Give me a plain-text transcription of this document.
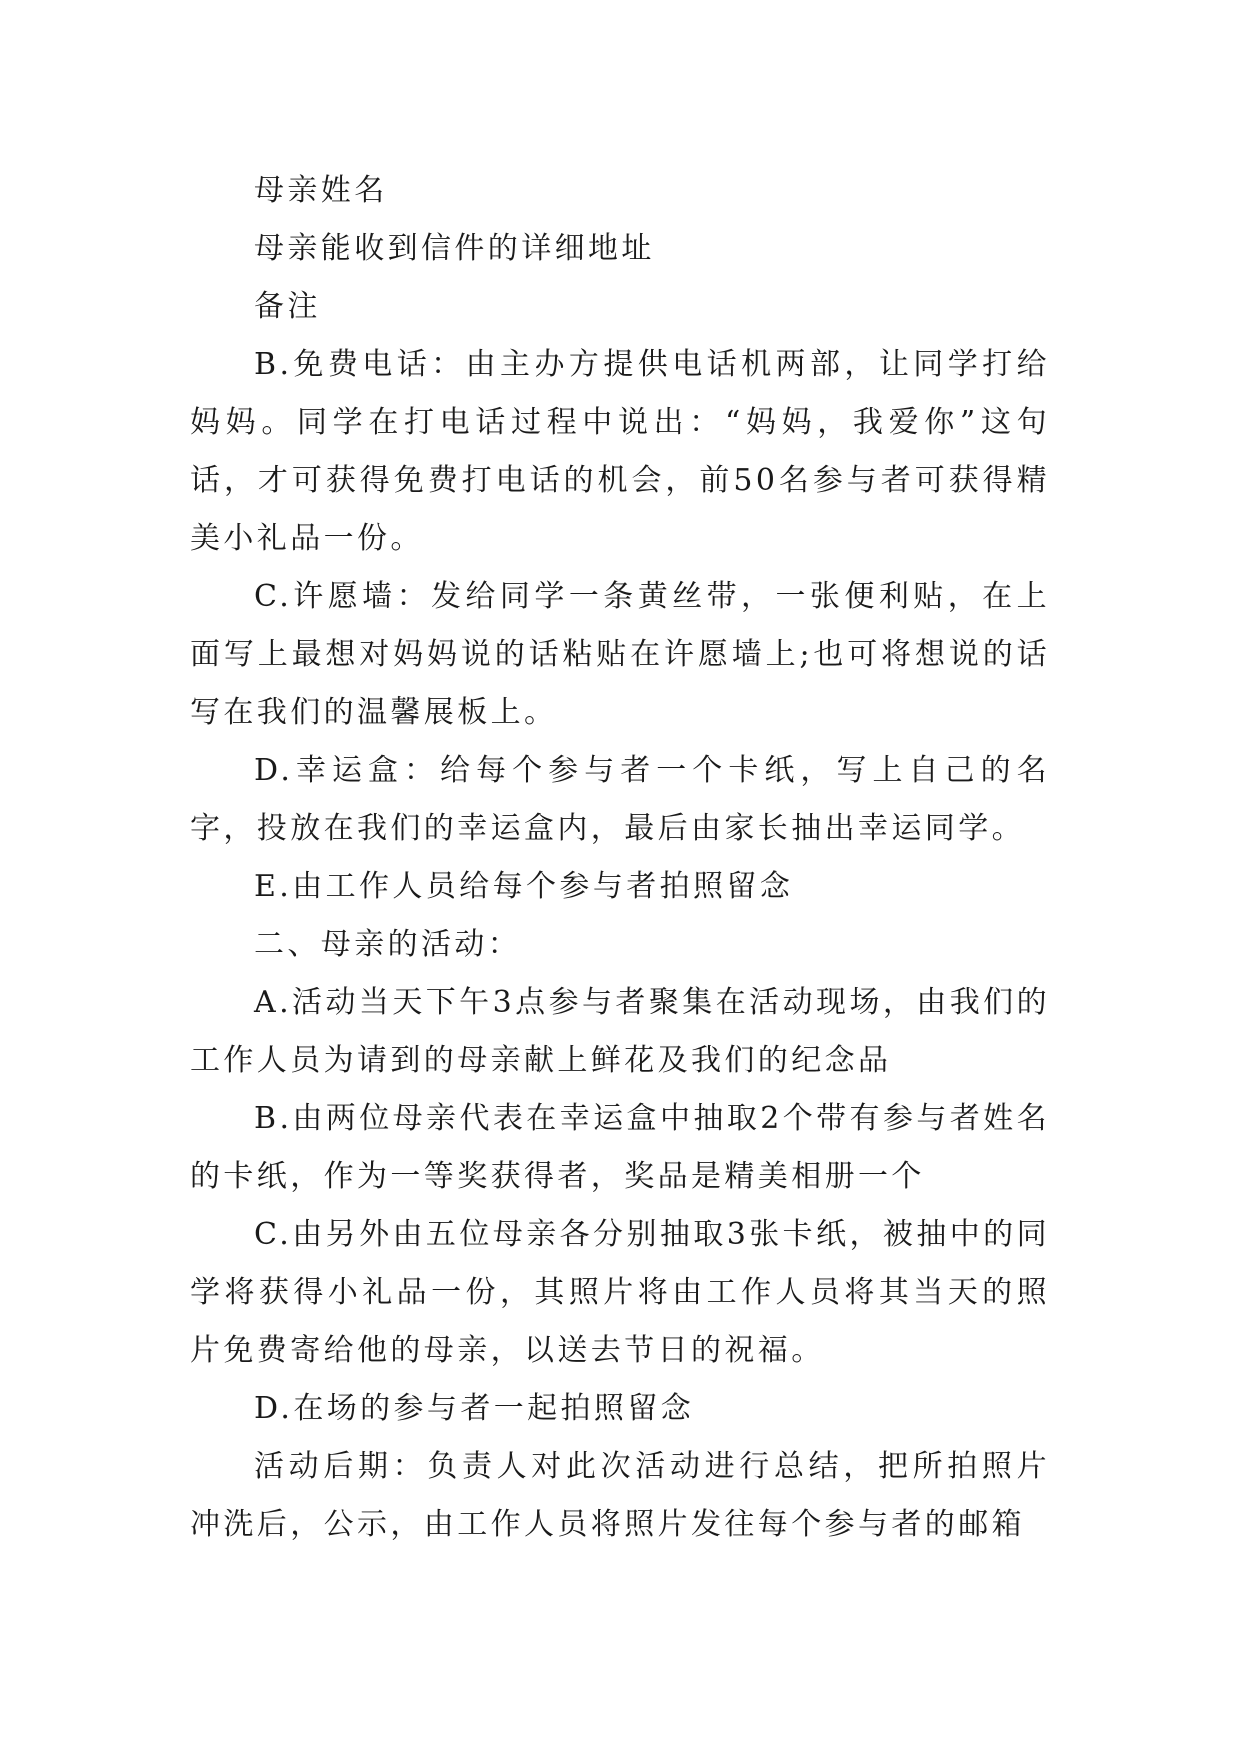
母亲姓名

母亲能收到信件的详细地址

备注

B.免费电话：由主办方提供电话机两部，让同学打给妈妈。同学在打电话过程中说出：“妈妈，我爱你”这句话，才可获得免费打电话的机会，前50名参与者可获得精美小礼品一份。

C.许愿墙：发给同学一条黄丝带，一张便利贴，在上面写上最想对妈妈说的话粘贴在许愿墙上;也可将想说的话写在我们的温馨展板上。

D.幸运盒：给每个参与者一个卡纸，写上自己的名字，投放在我们的幸运盒内，最后由家长抽出幸运同学。

E.由工作人员给每个参与者拍照留念

二、母亲的活动：

A.活动当天下午3点参与者聚集在活动现场，由我们的工作人员为请到的母亲献上鲜花及我们的纪念品

B.由两位母亲代表在幸运盒中抽取2个带有参与者姓名的卡纸，作为一等奖获得者，奖品是精美相册一个

C.由另外由五位母亲各分别抽取3张卡纸，被抽中的同学将获得小礼品一份，其照片将由工作人员将其当天的照片免费寄给他的母亲，以送去节日的祝福。

D.在场的参与者一起拍照留念

活动后期：负责人对此次活动进行总结，把所拍照片冲洗后，公示，由工作人员将照片发往每个参与者的邮箱
